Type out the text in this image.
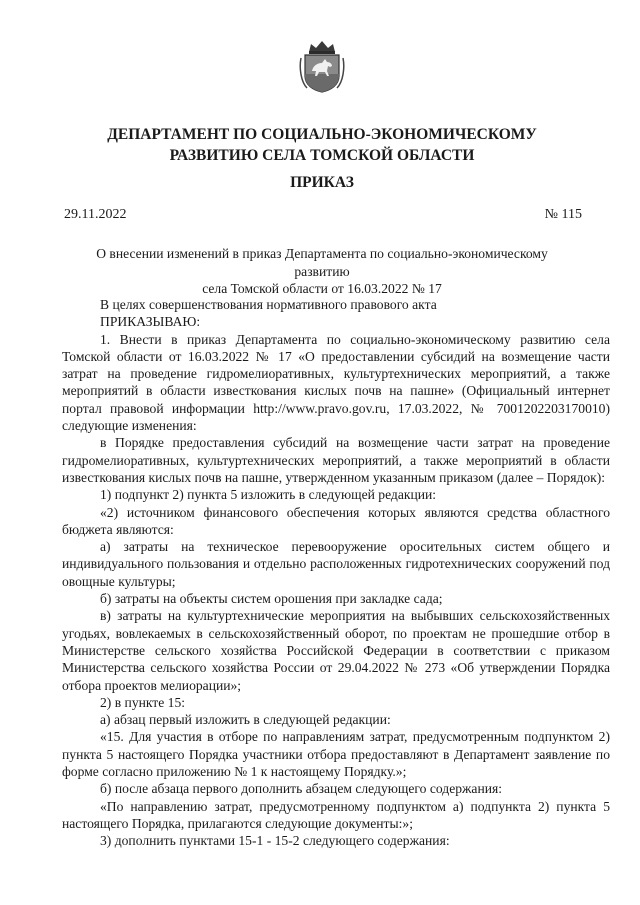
ДЕПАРТАМЕНТ ПО СОЦИАЛЬНО-ЭКОНОМИЧЕСКОМУ
РАЗВИТИЮ СЕЛА ТОМСКОЙ ОБЛАСТИ
ПРИКАЗ
29.11.2022	№ 115
О внесении изменений в приказ Департамента по социально-экономическому развитию
села Томской области от 16.03.2022 № 17

В целях совершенствования нормативного правового акта

ПРИКАЗЫВАЮ:

1. Внести в приказ Департамента по социально-экономическому развитию села Томской области от 16.03.2022 № 17 «О предоставлении субсидий на возмещение части затрат на проведение гидромелиоративных, культуртехнических мероприятий, а также мероприятий в области известкования кислых почв на пашне» (Официальный интернет портал правовой информации http://www.pravo.gov.ru, 17.03.2022, № 7001202203170010) следующие изменения:

в Порядке предоставления субсидий на возмещение части затрат на проведение гидромелиоративных, культуртехнических мероприятий, а также мероприятий в области известкования кислых почв на пашне, утвержденном указанным приказом (далее – Порядок):

1) подпункт 2) пункта 5 изложить в следующей редакции:

«2) источником финансового обеспечения которых являются средства областного бюджета являются:

а) затраты на техническое перевооружение оросительных систем общего и индивидуального пользования и отдельно расположенных гидротехнических сооружений под овощные культуры;

б) затраты на объекты систем орошения при закладке сада;

в) затраты на культуртехнические мероприятия на выбывших сельскохозяйственных угодьях, вовлекаемых в сельскохозяйственный оборот, по проектам не прошедшие отбор в Министерстве сельского хозяйства Российской Федерации в соответствии с приказом Министерства сельского хозяйства России от 29.04.2022 № 273 «Об утверждении Порядка отбора проектов мелиорации»;

2) в пункте 15:

а) абзац первый изложить в следующей редакции:

«15. Для участия в отборе по направлениям затрат, предусмотренным подпунктом 2) пункта 5 настоящего Порядка участники отбора предоставляют в Департамент заявление по форме согласно приложению № 1 к настоящему Порядку.»;

б) после абзаца первого дополнить абзацем следующего содержания:

«По направлению затрат, предусмотренному подпунктом а) подпункта 2) пункта 5 настоящего Порядка, прилагаются следующие документы:»;

3) дополнить пунктами 15-1 - 15-2 следующего содержания:
